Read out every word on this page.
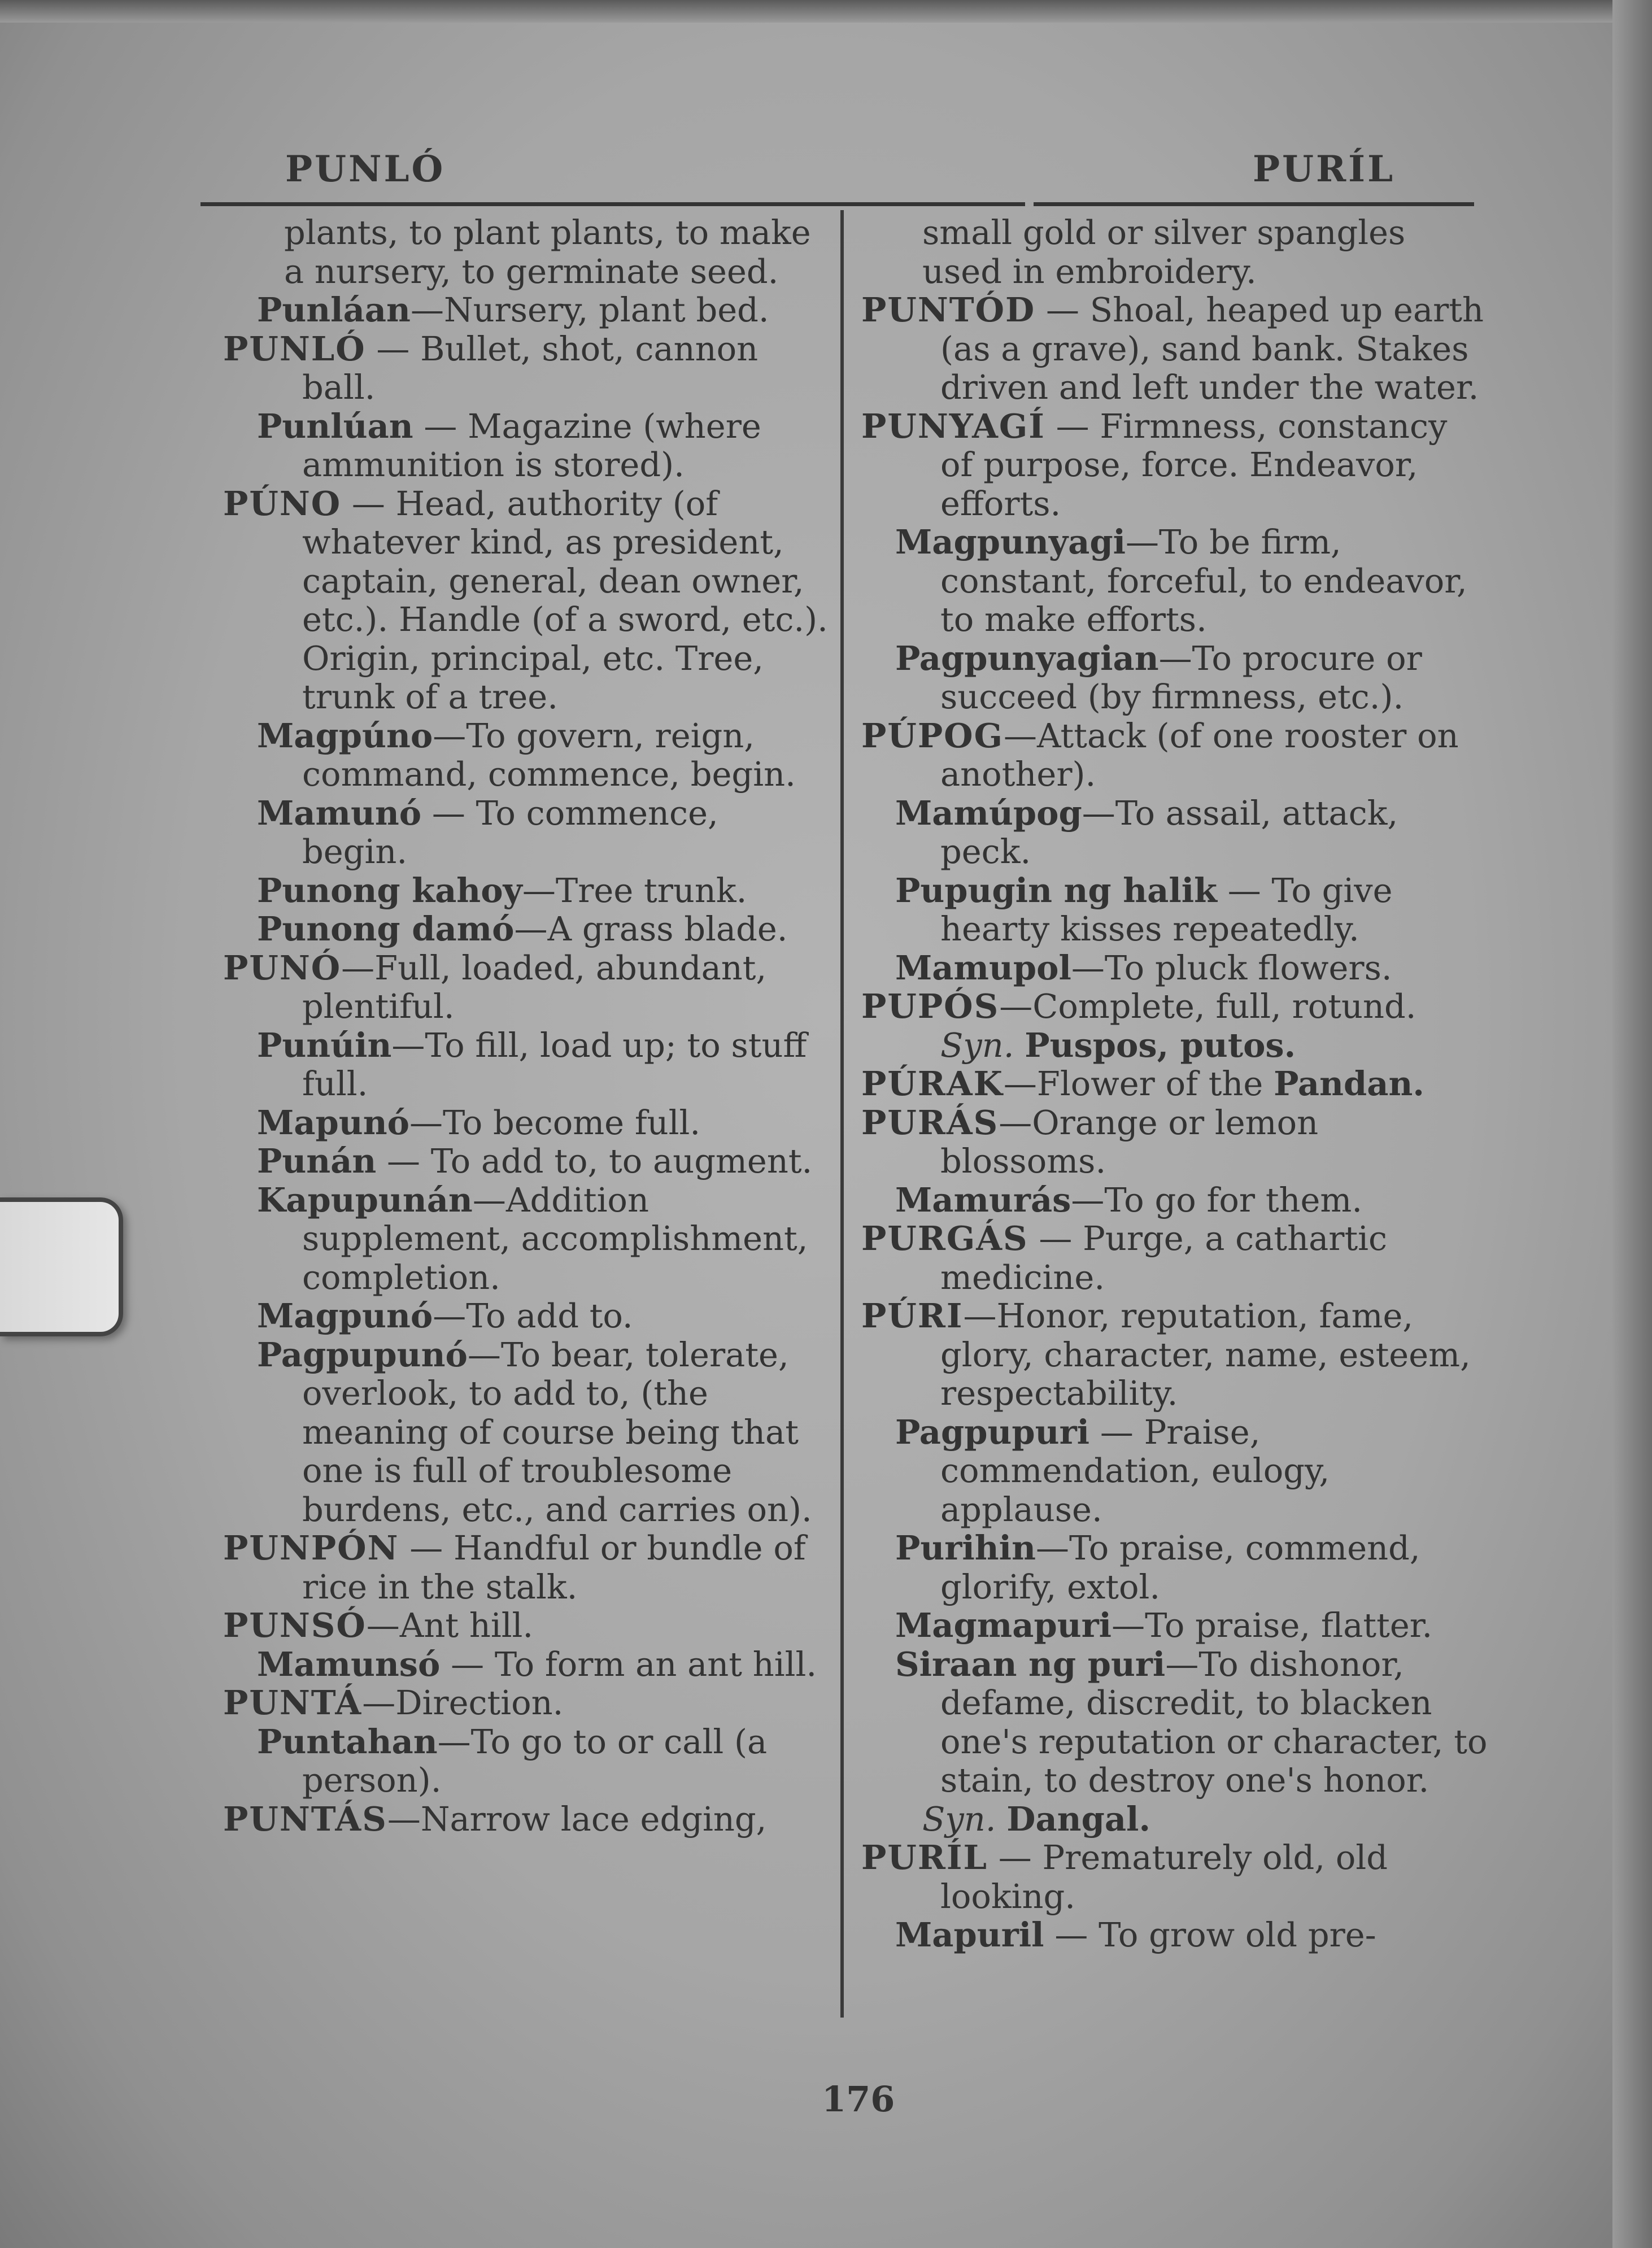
PUNLÓ	PURÍL

plants, to plant plants, to make a nursery, to germinate seed.

Punláan—Nursery, plant bed.

PUNLÓ — Bullet, shot, cannon ball.

Punlúan — Magazine (where ammunition is stored).

PÚNO — Head, authority (of whatever kind, as president, captain, general, dean owner, etc.). Handle (of a sword, etc.). Origin, principal, etc. Tree, trunk of a tree.

Magpúno—To govern, reign, command, commence, begin.

Mamunó — To commence, begin.

Punong kahoy—Tree trunk.

Punong damó—A grass blade.

PUNÓ—Full, loaded, abundant, plentiful.

Punúin—To fill, load up; to stuff full.

Mapunó—To become full.

Punán — To add to, to augment.

Kapupunán—Addition supplement, accomplishment, completion.

Magpunó—To add to.

Pagpupunó—To bear, tolerate, overlook, to add to, (the meaning of course being that one is full of troublesome burdens, etc., and carries on).

PUNPÓN — Handful or bundle of rice in the stalk.

PUNSÓ—Ant hill.

Mamunsó — To form an ant hill.

PUNTÁ—Direction.

Puntahan—To go to or call (a person).

PUNTÁS—Narrow lace edging,

small gold or silver spangles used in embroidery.

PUNTÓD — Shoal, heaped up earth (as a grave), sand bank. Stakes driven and left under the water.

PUNYAGÍ — Firmness, constancy of purpose, force. Endeavor, efforts.

Magpunyagi—To be firm, constant, forceful, to endeavor, to make efforts.

Pagpunyagian—To procure or succeed (by firmness, etc.).

PÚPOG—Attack (of one rooster on another).

Mamúpog—To assail, attack, peck.

Pupugin ng halik — To give hearty kisses repeatedly.

Mamupol—To pluck flowers.

PUPÓS—Complete, full, rotund. Syn. Puspos, putos.

PÚRAK—Flower of the Pandan.

PURÁS—Orange or lemon blossoms.

Mamurás—To go for them.

PURGÁS — Purge, a cathartic medicine.

PÚRI—Honor, reputation, fame, glory, character, name, esteem, respectability.

Pagpupuri — Praise, commendation, eulogy, applause.

Purihin—To praise, commend, glorify, extol.

Magmapuri—To praise, flatter.

Siraan ng puri—To dishonor, defame, discredit, to blacken one's reputation or character, to stain, to destroy one's honor.

Syn. Dangal.

PURÍL — Prematurely old, old looking.

Mapuril — To grow old pre-

176
